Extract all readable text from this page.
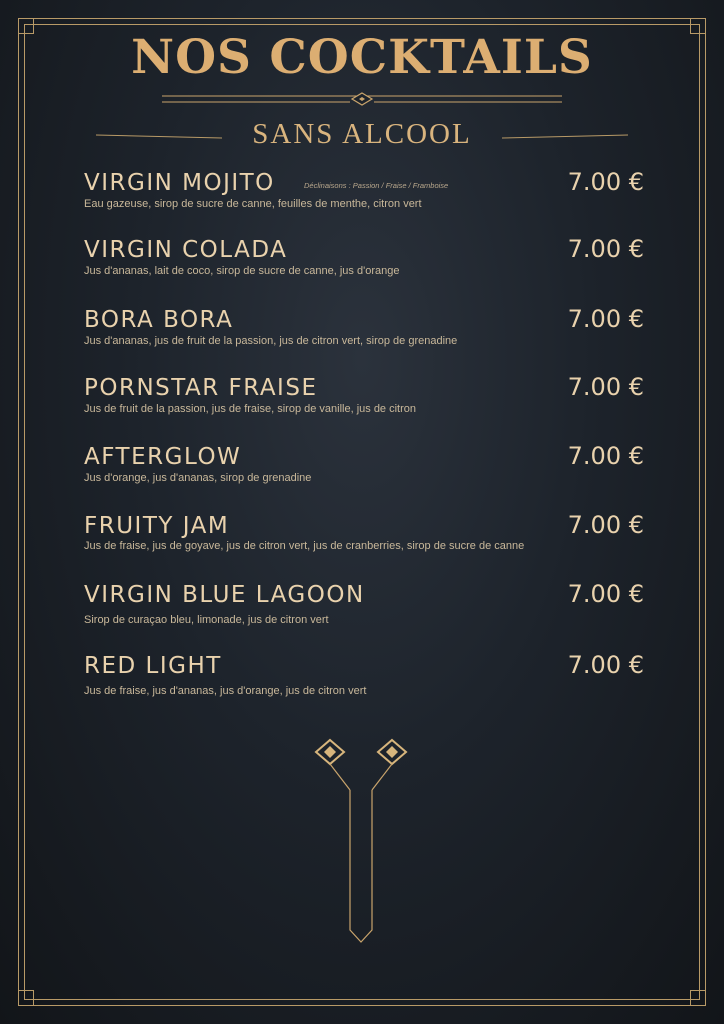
NOS COCKTAILS
SANS ALCOOL
VIRGIN MOJITO	Déclinaisons : Passion / Fraise / Framboise
Eau gazeuse, sirop de sucre de canne, feuilles de menthe, citron vert
7.00 €
VIRGIN COLADA
Jus d'ananas, lait de coco, sirop de sucre de canne, jus d'orange
7.00 €
BORA BORA
Jus d'ananas, jus de fruit de la passion, jus de citron vert, sirop de grenadine
7.00 €
PORNSTAR FRAISE
Jus de fruit de la passion, jus de fraise, sirop de vanille, jus de citron
7.00 €
AFTERGLOW
Jus d'orange, jus d'ananas, sirop de grenadine
7.00 €
FRUITY JAM
Jus de fraise, jus de goyave, jus de citron vert, jus de cranberries, sirop de sucre de canne
7.00 €
VIRGIN BLUE LAGOON
Sirop de curaçao bleu, limonade, jus de citron vert
7.00 €
RED LIGHT
Jus de fraise, jus d'ananas, jus d'orange, jus de citron vert
7.00 €
